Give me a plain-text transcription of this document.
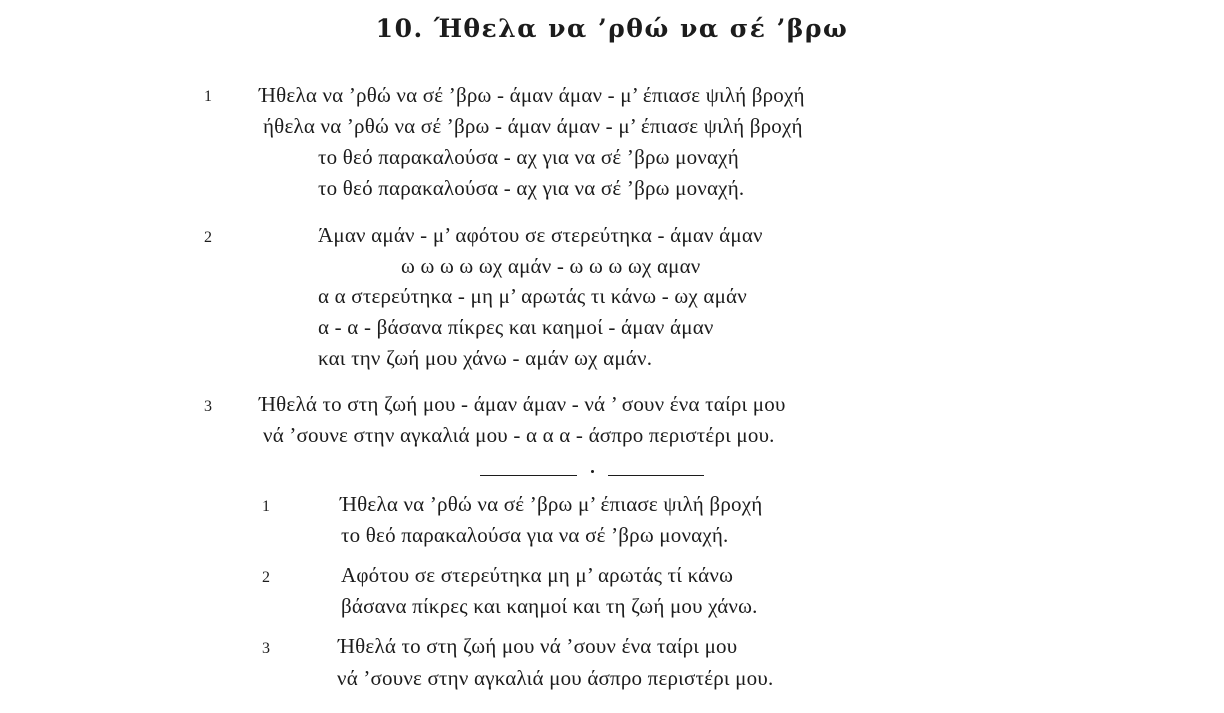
10. Ήθελα να ’ρθώ να σέ ’βρω
1 Ήθελα να ’ρθώ να σέ ’βρω - άμαν άμαν - μ’ έπιασε ψιλή βροχή
ήθελα να ’ρθώ να σέ ’βρω - άμαν άμαν - μ’ έπιασε ψιλή βροχή
το θεό παρακαλούσα - αχ για να σέ ’βρω μοναχή
το θεό παρακαλούσα - αχ για να σέ ’βρω μοναχή.
2	Άμαν αμάν - μ’ αφότου σε στερεύτηκα - άμαν άμαν
ω ω ω ω ωχ αμάν - ω ω ω ωχ αμαν
α α στερεύτηκα - μη μ’ αρωτάς τι κάνω - ωχ αμάν
α - α - βάσανα πίκρες και καημοί - άμαν άμαν
και την ζωή μου χάνω - αμάν ωχ αμάν.
3 Ήθελά το στη ζωή μου - άμαν άμαν - νά ’ σουν ένα ταίρι μου
νά ’σουνε στην αγκαλιά μου - α α α - άσπρο περιστέρι μου.
1	Ήθελα να ’ρθώ να σέ ’βρω μ’ έπιασε ψιλή βροχή
το θεό παρακαλούσα για να σέ ’βρω μοναχή.
2	Αφότου σε στερεύτηκα μη μ’ αρωτάς τί κάνω
βάσανα πίκρες και καημοί και τη ζωή μου χάνω.
3	Ήθελά το στη ζωή μου νά ’σουν ένα ταίρι μου
νά ’σουνε στην αγκαλιά μου άσπρο περιστέρι μου.
